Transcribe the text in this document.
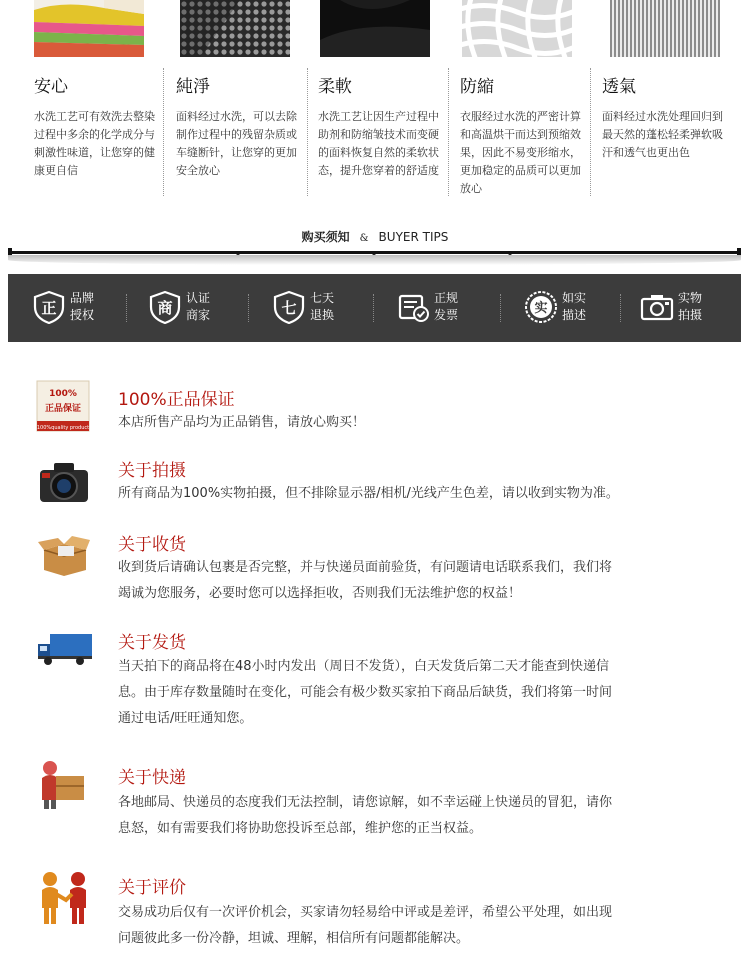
安心
水洗工艺可有效洗去整染过程中多余的化学成分与刺激性味道，让您穿的健康更自信
純淨
面料经过水洗，可以去除制作过程中的残留杂质或车缝断针，让您穿的更加安全放心
柔軟
水洗工艺让因生产过程中助剂和防缩皱技术而变硬的面料恢复自然的柔软状态，提升您穿着的舒适度
防縮
衣服经过水洗的严密计算和高温烘干而达到预缩效果，因此不易变形缩水，更加稳定的品质可以更加放心
透氣
面料经过水洗处理回归到最天然的蓬松轻柔弹软吸汗和透气也更出色
购买须知 & BUYER TIPS
正
品牌
授权	商
认证
商家	七
七天
退换
正规
发票	实
如实
描述
实物
拍摄
100%
正品保证
100%quality product
100%正品保证
本店所售产品均为正品销售，请放心购买！
关于拍摄
所有商品为100%实物拍摄，但不排除显示器/相机/光线产生色差，请以收到实物为准。
关于收货
收到货后请确认包裹是否完整，并与快递员面前验货，有问题请电话联系我们，我们将
竭诚为您服务，必要时您可以选择拒收，否则我们无法维护您的权益！
关于发货
当天拍下的商品将在48小时内发出（周日不发货），白天发货后第二天才能查到快递信
息。由于库存数量随时在变化，可能会有极少数买家拍下商品后缺货，我们将第一时间
通过电话/旺旺通知您。
关于快递
各地邮局、快递员的态度我们无法控制，请您谅解，如不幸运碰上快递员的冒犯，请你
息怒，如有需要我们将协助您投诉至总部，维护您的正当权益。
关于评价
交易成功后仅有一次评价机会，买家请勿轻易给中评或是差评，希望公平处理，如出现
问题彼此多一份冷静，坦诚、理解，相信所有问题都能解决。
